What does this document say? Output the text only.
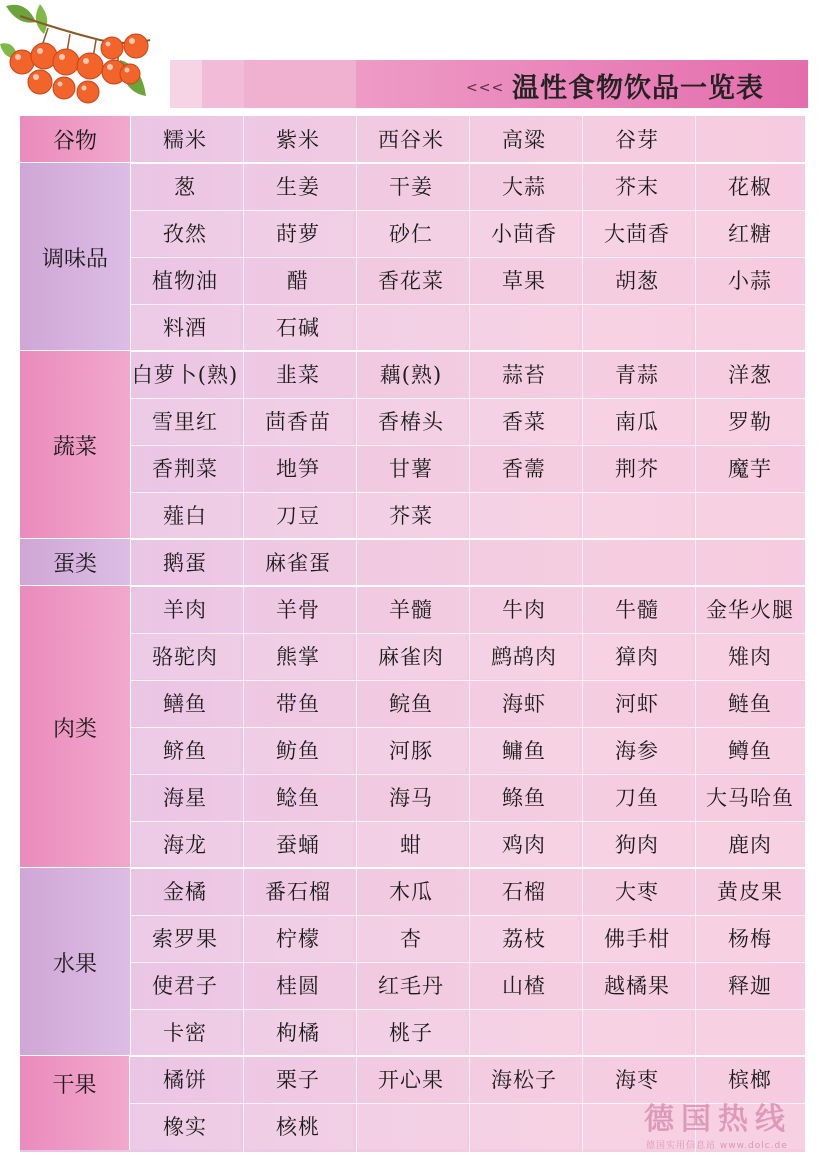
<<< 温性食物饮品一览表
谷物	糯米	紫米	西谷米	高粱	谷芽
调味品
葱	生姜	干姜	大蒜	芥末	花椒
孜然	莳萝	砂仁	小茴香	大茴香	红糖
植物油	醋	香花菜	草果	胡葱	小蒜
料酒	石碱
蔬菜
白萝卜(熟)	韭菜	藕(熟)	蒜苔	青蒜	洋葱
雪里红	茴香苗	香椿头	香菜	南瓜	罗勒
香荆菜	地笋	甘薯	香薷	荆芥	魔芋
薤白	刀豆	芥菜
蛋类	鹅蛋	麻雀蛋
肉类
羊肉	羊骨	羊髓	牛肉	牛髓	金华火腿
骆驼肉	熊掌	麻雀肉	鹧鸪肉	獐肉	雉肉
鳝鱼	带鱼	鲩鱼	海虾	河虾	鲢鱼
鲚鱼	鲂鱼	河豚	鳙鱼	海参	鳟鱼
海星	鲶鱼	海马	鲦鱼	刀鱼	大马哈鱼
海龙	蚕蛹	蚶	鸡肉	狗肉	鹿肉
水果
金橘	番石榴	木瓜	石榴	大枣	黄皮果
索罗果	柠檬	杏	荔枝	佛手柑	杨梅
使君子	桂圆	红毛丹	山楂	越橘果	释迦
卡密	枸橘	桃子
干果	橘饼	栗子	开心果	海松子	海枣	槟榔
橡实	核桃	德国热线
德国实用信息站 www.dolc.de
